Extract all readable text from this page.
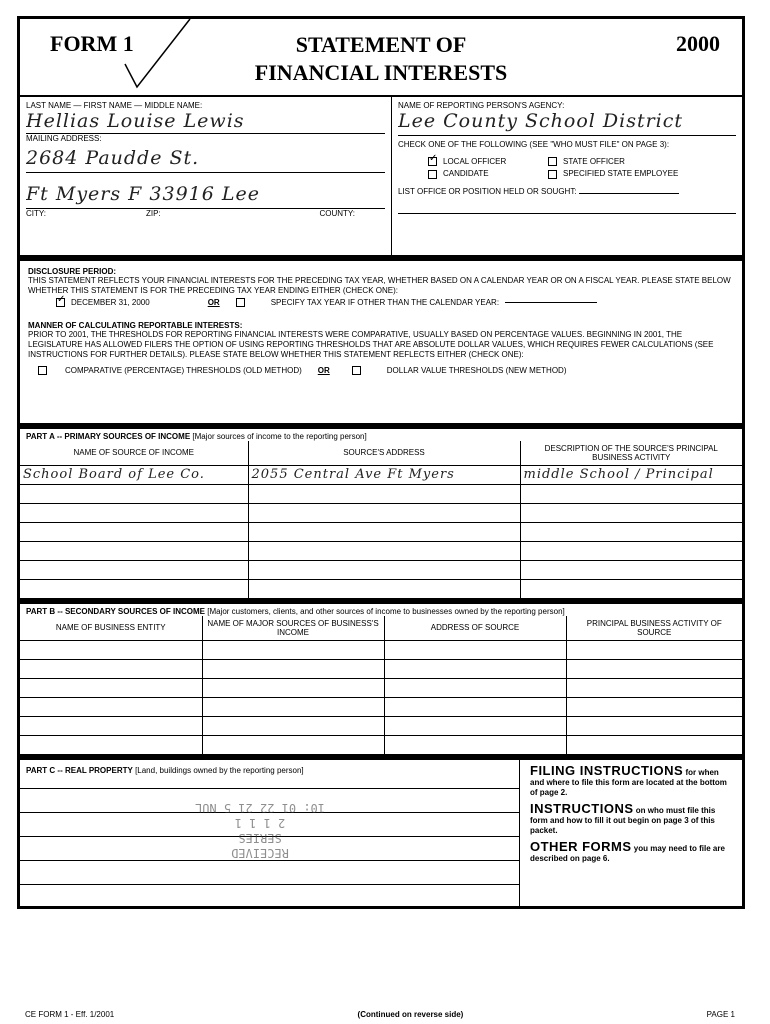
FORM 1	STATEMENT OF
FINANCIAL INTERESTS
2000
LAST NAME — FIRST NAME — MIDDLE NAME:
Hellias Louise Lewis
MAILING ADDRESS:
2684 Paudde St.
Ft Myers F 33916 Lee
CITY:	ZIP:	COUNTY:
NAME OF REPORTING PERSON'S AGENCY:
Lee County School District
CHECK ONE OF THE FOLLOWING (SEE "WHO MUST FILE" ON PAGE 3):
✓LOCAL OFFICER	STATE OFFICER
CANDIDATE	SPECIFIED STATE EMPLOYEE
LIST OFFICE OR POSITION HELD OR SOUGHT:
DISCLOSURE PERIOD:
THIS STATEMENT REFLECTS YOUR FINANCIAL INTERESTS FOR THE PRECEDING TAX YEAR, WHETHER BASED ON A CALENDAR YEAR OR ON A FISCAL YEAR. PLEASE STATE BELOW WHETHER THIS STATEMENT IS FOR THE PRECEDING TAX YEAR ENDING EITHER (CHECK ONE):
✓
DECEMBER 31, 2000	OR	SPECIFY TAX YEAR IF OTHER THAN THE CALENDAR YEAR:
MANNER OF CALCULATING REPORTABLE INTERESTS:
PRIOR TO 2001, THE THRESHOLDS FOR REPORTING FINANCIAL INTERESTS WERE COMPARATIVE, USUALLY BASED ON PERCENTAGE VALUES. BEGINNING IN 2001, THE LEGISLATURE HAS ALLOWED FILERS THE OPTION OF USING REPORTING THRESHOLDS THAT ARE ABSOLUTE DOLLAR VALUES, WHICH REQUIRES FEWER CALCULATIONS (SEE INSTRUCTIONS FOR FURTHER DETAILS). PLEASE STATE BELOW WHETHER THIS STATEMENT REFLECTS EITHER (CHECK ONE):
COMPARATIVE (PERCENTAGE) THRESHOLDS (OLD METHOD) OR	DOLLAR VALUE THRESHOLDS (NEW METHOD)
PART A -- PRIMARY SOURCES OF INCOME [Major sources of income to the reporting person]
NAME OF SOURCE OF INCOME	SOURCE'S ADDRESS	DESCRIPTION OF THE SOURCE'S PRINCIPAL BUSINESS ACTIVITY
School Board of Lee Co.	2055 Central Ave Ft Myers	middle School / Principal

PART B -- SECONDARY SOURCES OF INCOME [Major customers, clients, and other sources of income to businesses owned by the reporting person]
NAME OF BUSINESS ENTITY	NAME OF MAJOR SOURCES OF BUSINESS'S INCOME	ADDRESS OF SOURCE	PRINCIPAL BUSINESS ACTIVITY OF SOURCE

PART C -- REAL PROPERTY [Land, buildings owned by the reporting person]
RECEIVED
SERIES
2 1 1 1
10: 01 22 21 5 NUL

FILING INSTRUCTIONS for when and where to file this form are located at the bottom of page 2.

INSTRUCTIONS on who must file this form and how to fill it out begin on page 3 of this packet.

OTHER FORMS you may need to file are described on page 6.

CE FORM 1 - Eff. 1/2001	(Continued on reverse side)	PAGE 1
